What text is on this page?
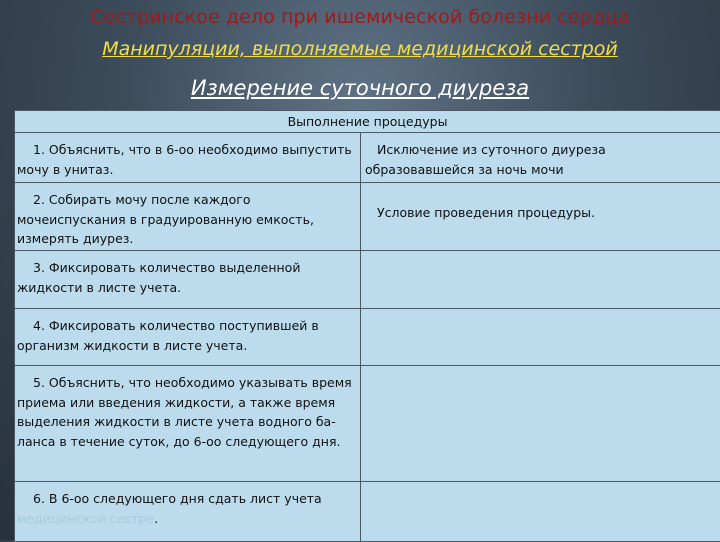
Сестринское дело при ишемической болезни сердца
Манипуляции, выполняемые медицинской сестрой
Измерение суточного диуреза
Выполнение процедуры	

1. Объяснить, что в 6-оо необходимо выпустить мочу в унитаз.	Исключение из суточного диуреза образовавшейся за ночь мочи

2. Собирать мочу после каждого мочеиспускания в градуированную емкость, измерять диурез.	Условие проведения процедуры.

3. Фиксировать количество выделенной жидкости в листе учета.	

4. Фиксировать количество поступившей в организм жидкости в листе учета.	

5. Объяснить, что необходимо указывать время приема или введения жидкости, а также время выделения жидкости в листе учета водного ба-ланса в течение суток, до 6-оо следующего дня.	

6. В 6-оо следующего дня сдать лист учета медицинской сестре.	
